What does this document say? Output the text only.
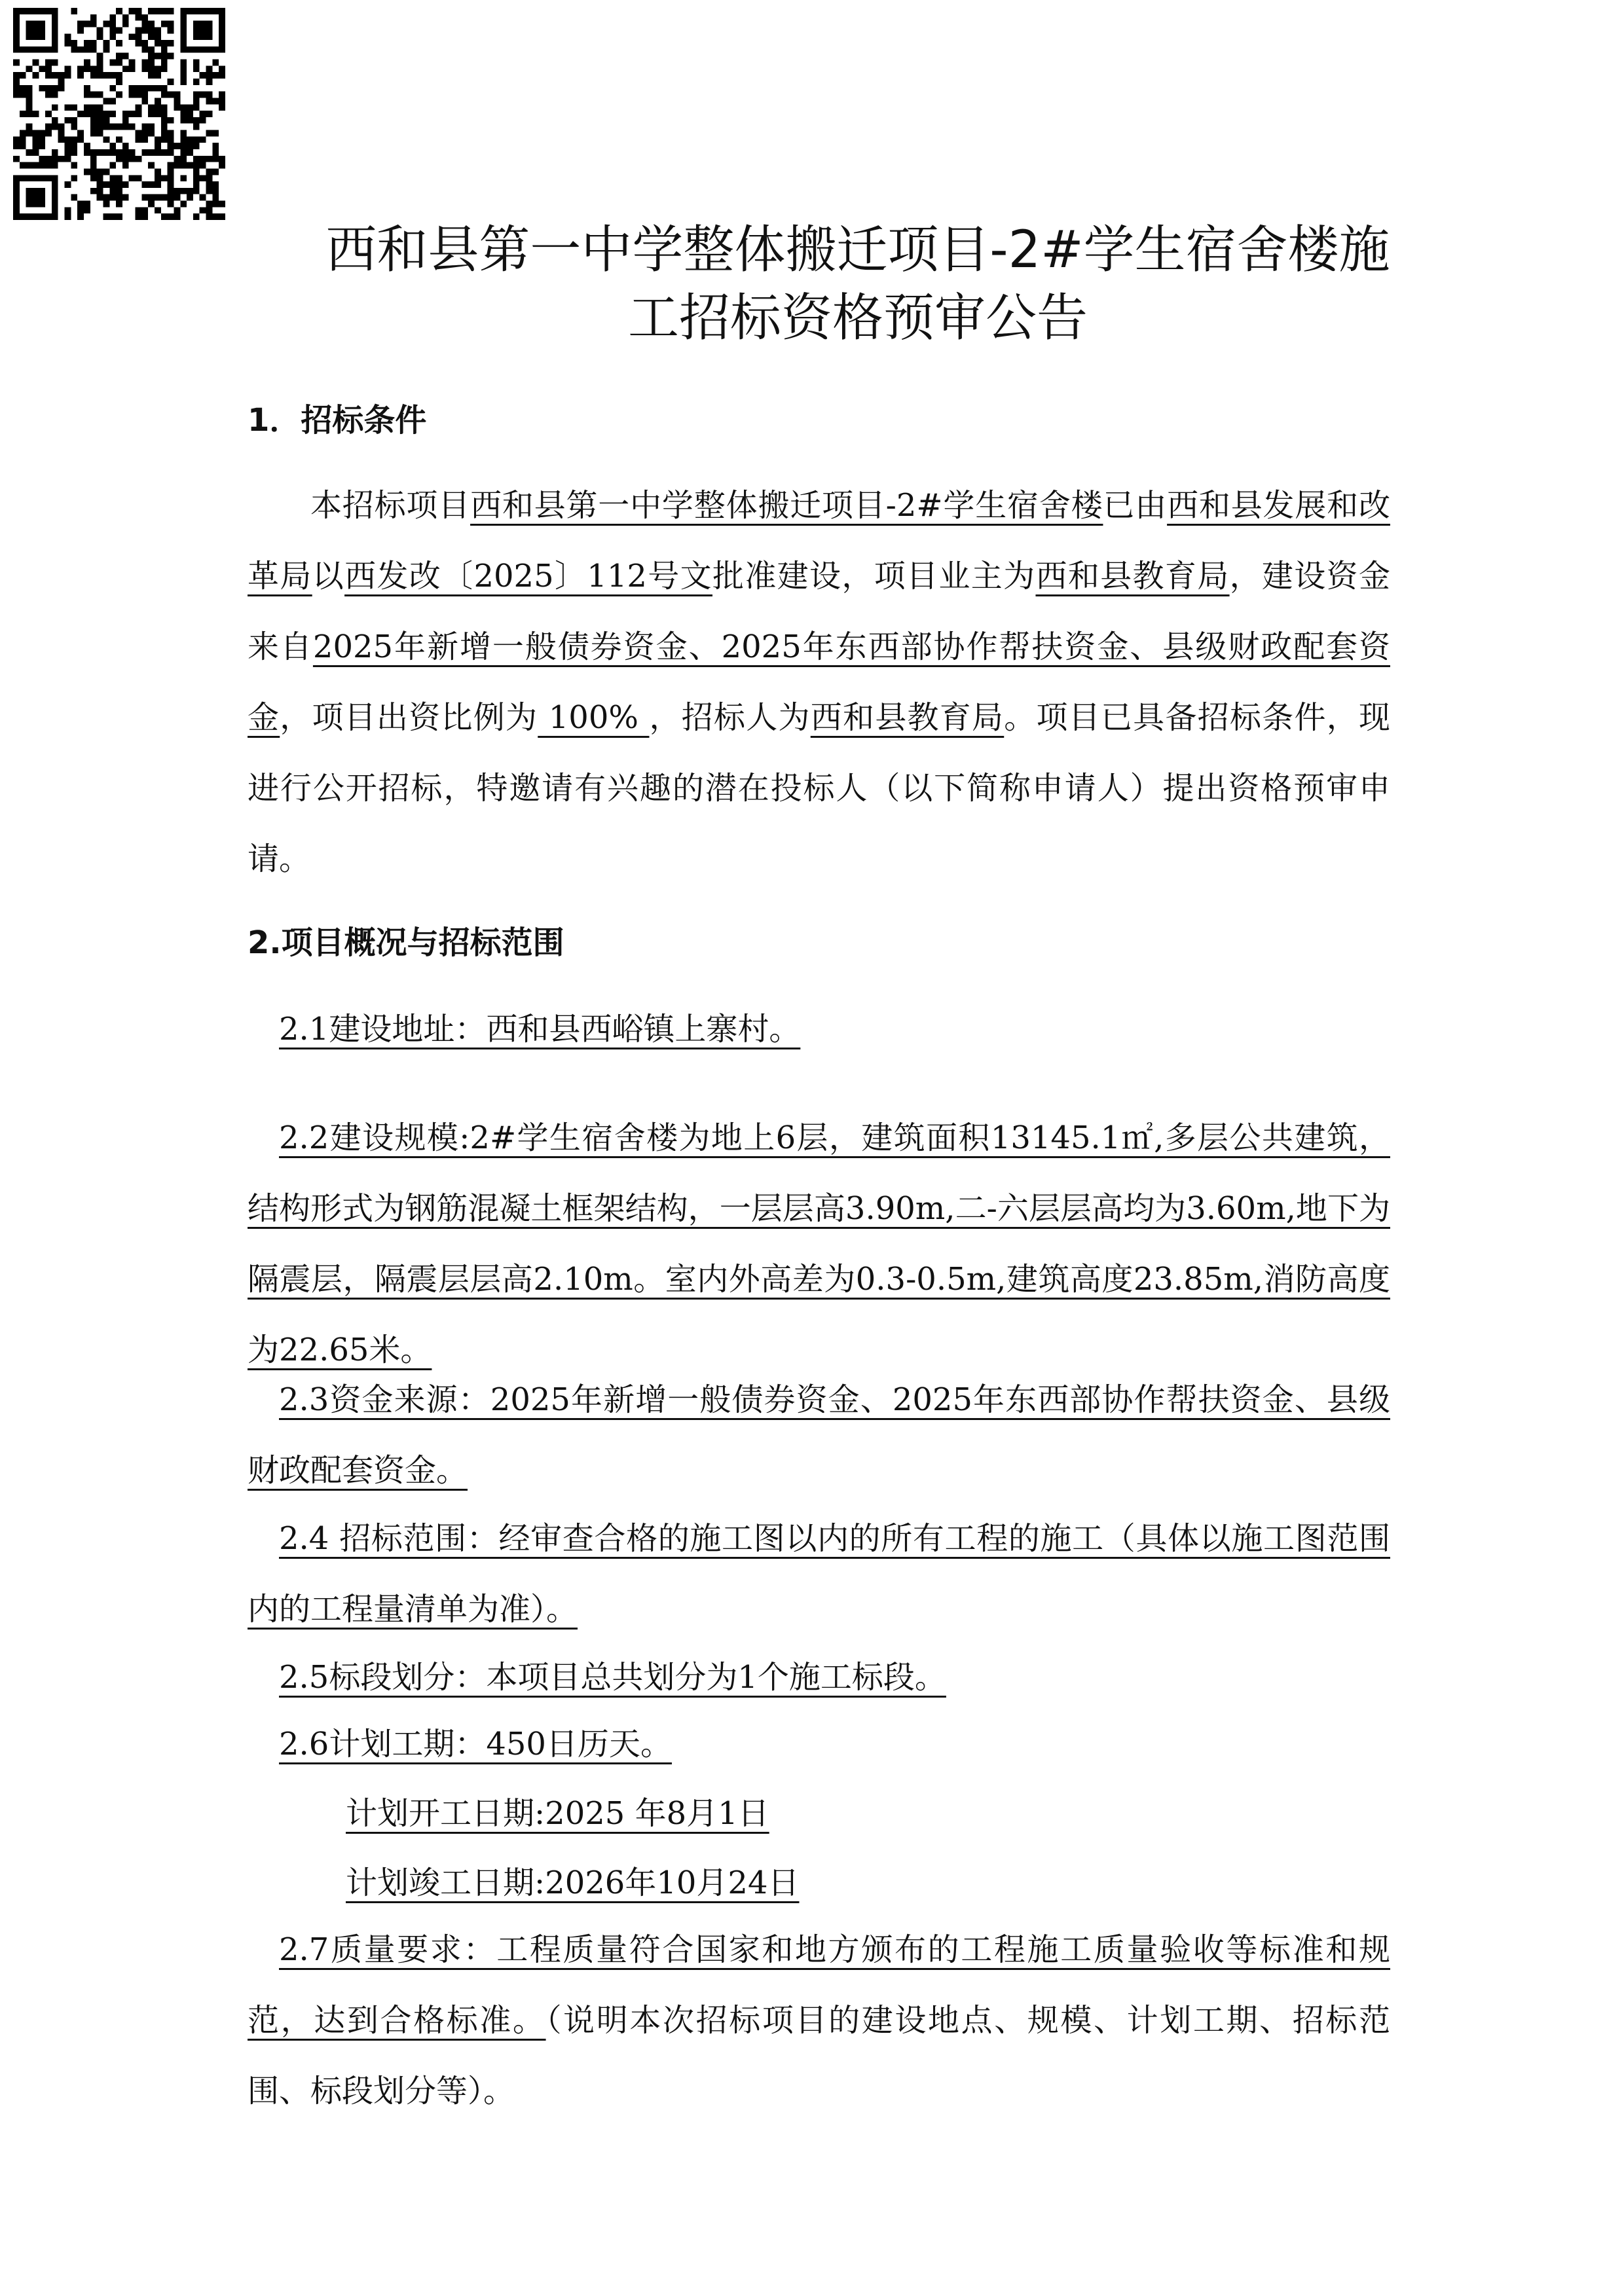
西和县第一中学整体搬迁项目-2#学生宿舍楼施
工招标资格预审公告

1．招标条件

本招标项目西和县第一中学整体搬迁项目-2#学生宿舍楼已由西和县发展和改革局以西发改〔2025〕112号文批准建设，项目业主为西和县教育局，建设资金来自2025年新增一般债券资金、2025年东西部协作帮扶资金、县级财政配套资金，项目出资比例为 100% ，招标人为西和县教育局。项目已具备招标条件，现进行公开招标，特邀请有兴趣的潜在投标人（以下简称申请人）提出资格预审申请。

2.项目概况与招标范围

2.1建设地址：西和县西峪镇上寨村。

2.2建设规模:2#学生宿舍楼为地上6层，建筑面积13145.1㎡,多层公共建筑，结构形式为钢筋混凝土框架结构，一层层高3.90m,二-六层层高均为3.60m,地下为隔震层，隔震层层高2.10m。室内外高差为0.3-0.5m,建筑高度23.85m,消防高度为22.65米。

2.3资金来源：2025年新增一般债券资金、2025年东西部协作帮扶资金、县级财政配套资金。

2.4 招标范围：经审查合格的施工图以内的所有工程的施工（具体以施工图范围内的工程量清单为准）。

2.5标段划分：本项目总共划分为1个施工标段。

2.6计划工期：450日历天。

计划开工日期:2025 年8月1日

计划竣工日期:2026年10月24日

2.7质量要求：工程质量符合国家和地方颁布的工程施工质量验收等标准和规范，达到合格标准。（说明本次招标项目的建设地点、规模、计划工期、招标范围、标段划分等）。
